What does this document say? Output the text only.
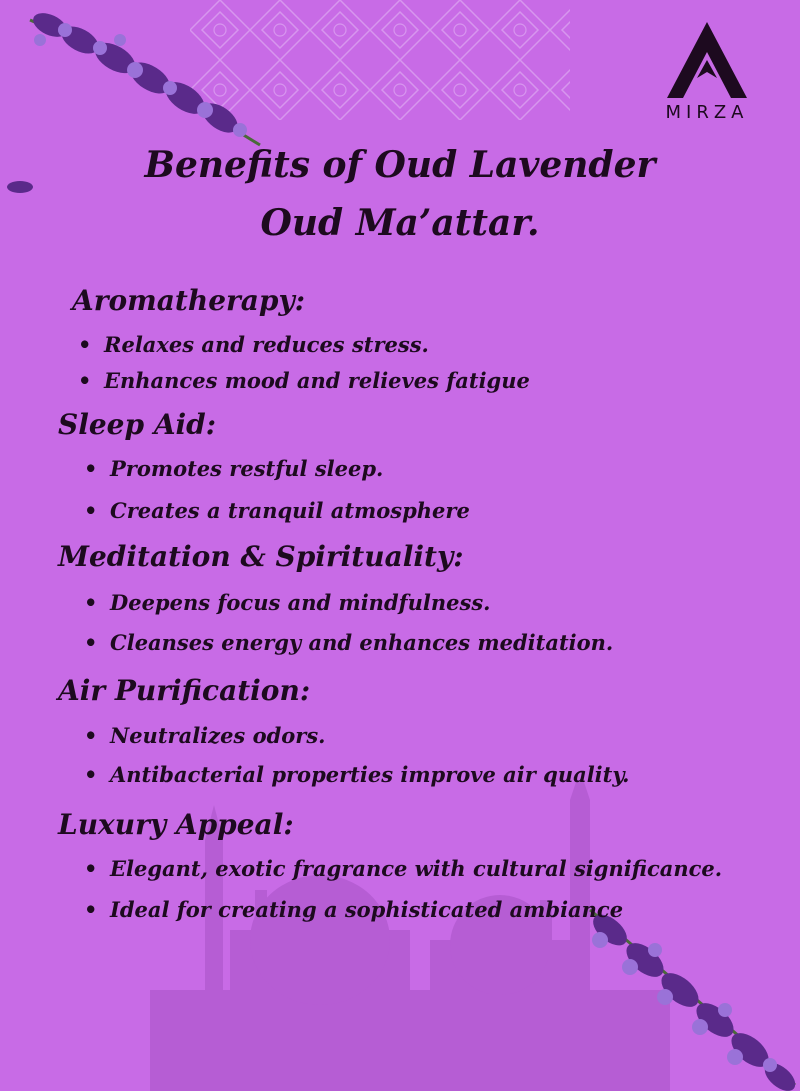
MIRZA
Benefits of Oud Lavender
Oud Ma’attar.
Aromatherapy:
• Relaxes and reduces stress.
• Enhances mood and relieves fatigue
Sleep Aid:
• Promotes restful sleep.
• Creates a tranquil atmosphere
Meditation & Spirituality:
• Deepens focus and mindfulness.
• Cleanses energy and enhances meditation.
Air Purification:
• Neutralizes odors.
• Antibacterial properties improve air quality.
Luxury Appeal:
• Elegant, exotic fragrance with cultural significance.
• Ideal for creating a sophisticated ambiance
